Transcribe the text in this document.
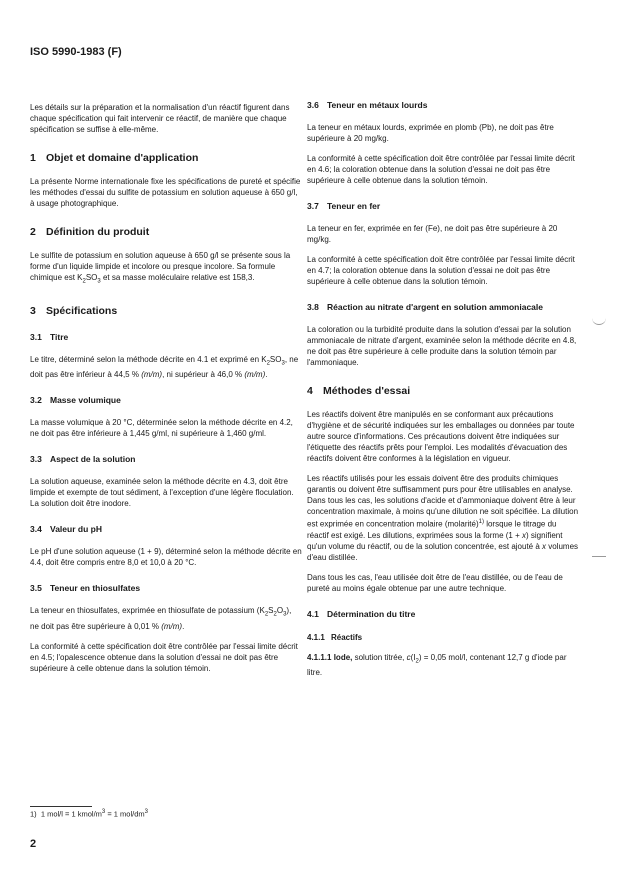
ISO 5990-1983 (F)

Les détails sur la préparation et la normalisation d'un réactif figurent dans chaque spécification qui fait intervenir ce réactif, de manière que chaque spécification se suffise à elle-même.

1 Objet et domaine d'application

La présente Norme internationale fixe les spécifications de pureté et spécifie les méthodes d'essai du sulfite de potassium en solution aqueuse à 650 g/l, à usage photographique.

2 Définition du produit

Le sulfite de potassium en solution aqueuse à 650 g/l se présente sous la forme d'un liquide limpide et incolore ou presque incolore. Sa formule chimique est $K_2SO_3$ et sa masse moléculaire relative est 158,3.

3 Spécifications
3.1 Titre

Le titre, déterminé selon la méthode décrite en 4.1 et exprimé en $K_2SO_3$, ne doit pas être inférieur à 44,5 % (m/m), ni supérieur à 46,0 % (m/m).

3.2 Masse volumique

La masse volumique à 20 °C, déterminée selon la méthode décrite en 4.2, ne doit pas être inférieure à 1,445 g/ml, ni supérieure à 1,460 g/ml.

3.3 Aspect de la solution

La solution aqueuse, examinée selon la méthode décrite en 4.3, doit être limpide et exempte de tout sédiment, à l'exception d'une légère floculation. La solution doit être inodore.

3.4 Valeur du pH

Le pH d'une solution aqueuse (1 + 9), déterminé selon la méthode décrite en 4.4, doit être compris entre 8,0 et 10,0 à 20 °C.

3.5 Teneur en thiosulfates

La teneur en thiosulfates, exprimée en thiosulfate de potassium $(K_2S_2O_3)$, ne doit pas être supérieure à 0,01 % (m/m).

La conformité à cette spécification doit être contrôlée par l'essai limite décrit en 4.5; l'opalescence obtenue dans la solution d'essai ne doit pas être supérieure à celle obtenue dans la solution témoin.

3.6 Teneur en métaux lourds

La teneur en métaux lourds, exprimée en plomb (Pb), ne doit pas être supérieure à 20 mg/kg.

La conformité à cette spécification doit être contrôlée par l'essai limite décrit en 4.6; la coloration obtenue dans la solution d'essai ne doit pas être supérieure à celle obtenue dans la solution témoin.

3.7 Teneur en fer

La teneur en fer, exprimée en fer (Fe), ne doit pas être supérieure à 20 mg/kg.

La conformité à cette spécification doit être contrôlée par l'essai limite décrit en 4.7; la coloration obtenue dans la solution d'essai ne doit pas être supérieure à celle obtenue dans la solution témoin.

3.8 Réaction au nitrate d'argent en solution ammoniacale

La coloration ou la turbidité produite dans la solution d'essai par la solution ammoniacale de nitrate d'argent, examinée selon la méthode décrite en 4.8, ne doit pas être supérieure à celle produite dans la solution témoin par l'ammoniaque.

4 Méthodes d'essai

Les réactifs doivent être manipulés en se conformant aux précautions d'hygiène et de sécurité indiquées sur les emballages ou données par toute autre source d'informations. Ces précautions doivent être indiquées sur l'étiquette des réactifs prêts pour l'emploi. Les modalités d'évacuation des réactifs doivent être conformes à la législation en vigueur.

Les réactifs utilisés pour les essais doivent être des produits chimiques garantis ou doivent être suffisamment purs pour être utilisables en analyse. Dans tous les cas, les solutions d'acide et d'ammoniaque doivent être à leur concentration maximale, à moins qu'une dilution ne soit spécifiée. La dilution est exprimée en concentration molaire (molarité)$^{1)}$ lorsque le titrage du réactif est exigé. Les dilutions, exprimées sous la forme (1 + x) signifient qu'un volume du réactif, ou de la solution concentrée, est ajouté à x volumes d'eau distillée.

Dans tous les cas, l'eau utilisée doit être de l'eau distillée, ou de l'eau de pureté au moins égale obtenue par une autre technique.

4.1 Détermination du titre
4.1.1 Réactifs

4.1.1.1 Iode, solution titrée, $c(I_2) = 0,05$ mol/l, contenant 12,7 g d'iode par litre.

1) 1 mol/l = 1 kmol/$m^3 = 1$ mol/$dm^3$
2
